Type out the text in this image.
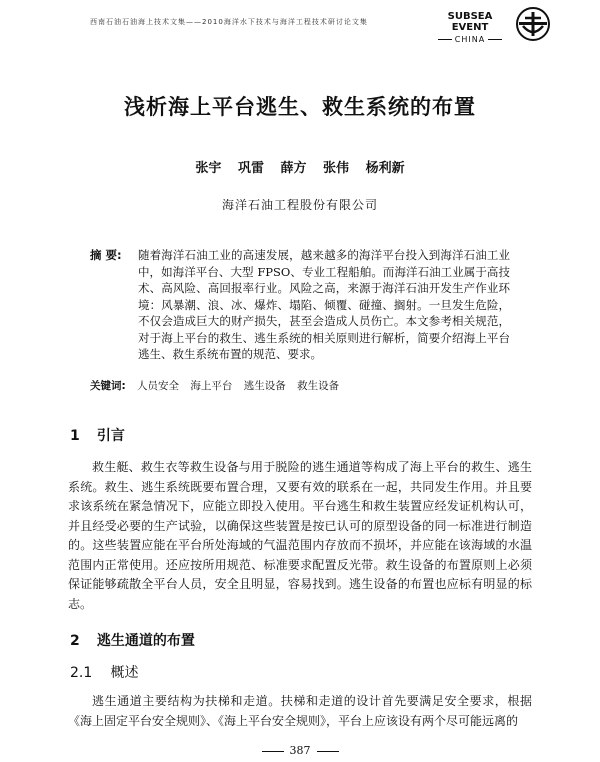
西南石油石油海上技术文集——2010海洋水下技术与海洋工程技术研讨论文集	SUBSEA EVENT
CHINA
浅析海上平台逃生、救生系统的布置
张宇 巩雷 薛方 张伟 杨利新
海洋石油工程股份有限公司
摘 要: 随着海洋石油工业的高速发展，越来越多的海洋平台投入到海洋石油工业中，如海洋平台、大型 FPSO、专业工程船舶。而海洋石油工业属于高技术、高风险、高回报率行业。风险之高，来源于海洋石油开发生产作业环境：风暴潮、浪、冰、爆炸、塌陷、倾覆、碰撞、搁射。一旦发生危险，不仅会造成巨大的财产损失，甚至会造成人员伤亡。本文参考相关规范，对于海上平台的救生、逃生系统的相关原则进行解析，简要介绍海上平台逃生、救生系统布置的规范、要求。
关键词: 人员安全 海上平台 逃生设备 救生设备
1 引言
救生艇、救生衣等救生设备与用于脱险的逃生通道等构成了海上平台的救生、逃生系统。救生、逃生系统既要布置合理，又要有效的联系在一起，共同发生作用。并且要求该系统在紧急情况下，应能立即投入使用。平台逃生和救生装置应经发证机构认可，并且经受必要的生产试验，以确保这些装置是按已认可的原型设备的同一标准进行制造的。这些装置应能在平台所处海域的气温范围内存放而不损坏，并应能在该海域的水温范围内正常使用。还应按所用规范、标准要求配置反光带。救生设备的布置原则上必须保证能够疏散全平台人员，安全且明显，容易找到。逃生设备的布置也应标有明显的标志。
2 逃生通道的布置
2.1 概述
逃生通道主要结构为扶梯和走道。扶梯和走道的设计首先要满足安全要求，根据《海上固定平台安全规则》、《海上平台安全规则》，平台上应该设有两个尽可能远离的
387
